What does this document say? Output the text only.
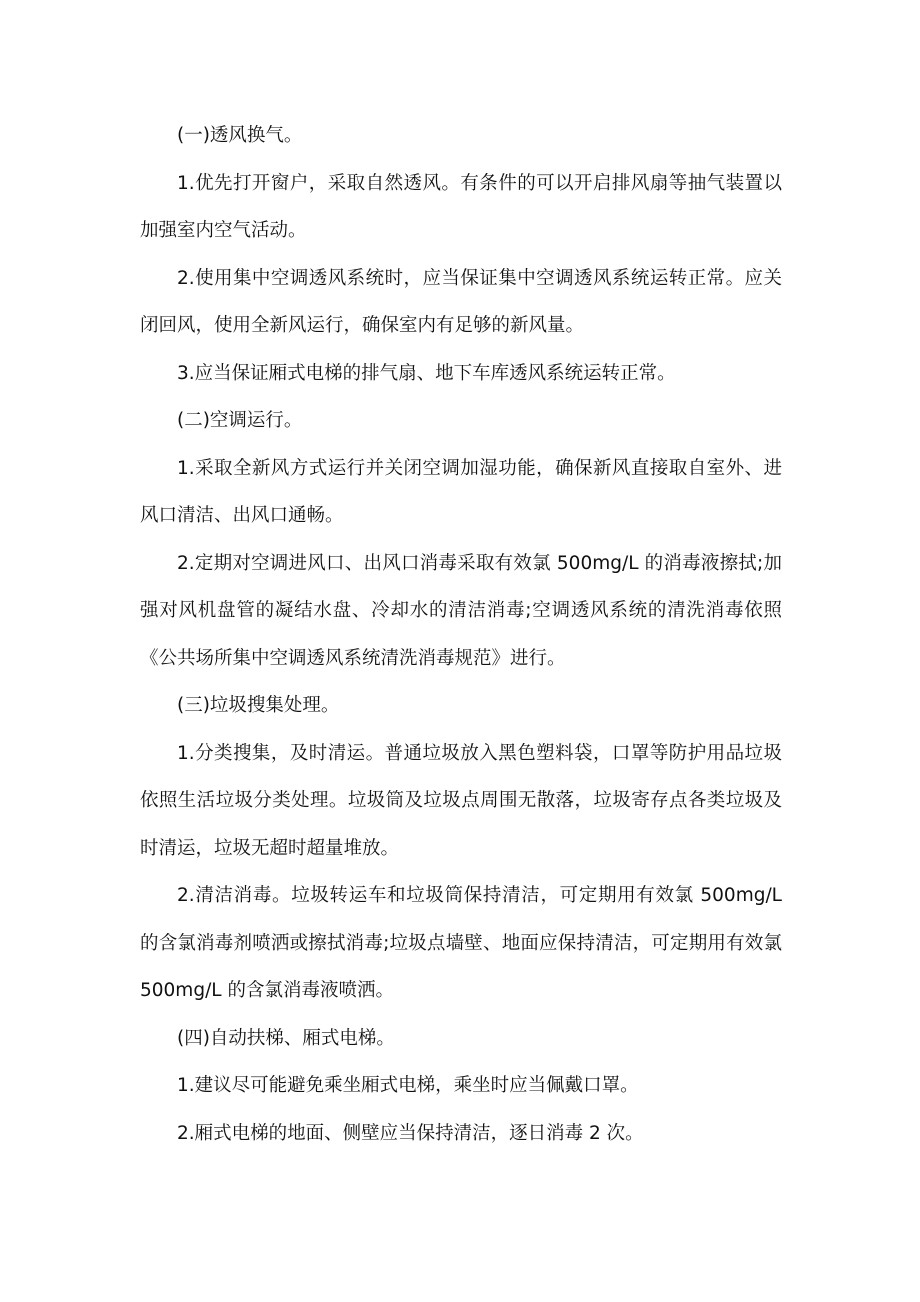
(一)透风换气。

1.优先打开窗户，采取自然透风。有条件的可以开启排风扇等抽气装置以加强室内空气活动。

2.使用集中空调透风系统时，应当保证集中空调透风系统运转正常。应关闭回风，使用全新风运行，确保室内有足够的新风量。

3.应当保证厢式电梯的排气扇、地下车库透风系统运转正常。

(二)空调运行。

1.采取全新风方式运行并关闭空调加湿功能，确保新风直接取自室外、进风口清洁、出风口通畅。

2.定期对空调进风口、出风口消毒采取有效氯 500mg/L 的消毒液擦拭;加强对风机盘管的凝结水盘、冷却水的清洁消毒;空调透风系统的清洗消毒依照《公共场所集中空调透风系统清洗消毒规范》进行。

(三)垃圾搜集处理。

1.分类搜集，及时清运。普通垃圾放入黑色塑料袋，口罩等防护用品垃圾依照生活垃圾分类处理。垃圾筒及垃圾点周围无散落，垃圾寄存点各类垃圾及时清运，垃圾无超时超量堆放。

2.清洁消毒。垃圾转运车和垃圾筒保持清洁，可定期用有效氯 500mg/L 的含氯消毒剂喷洒或擦拭消毒;垃圾点墙壁、地面应保持清洁，可定期用有效氯 500mg/L 的含氯消毒液喷洒。

(四)自动扶梯、厢式电梯。

1.建议尽可能避免乘坐厢式电梯，乘坐时应当佩戴口罩。

2.厢式电梯的地面、侧壁应当保持清洁，逐日消毒 2 次。
